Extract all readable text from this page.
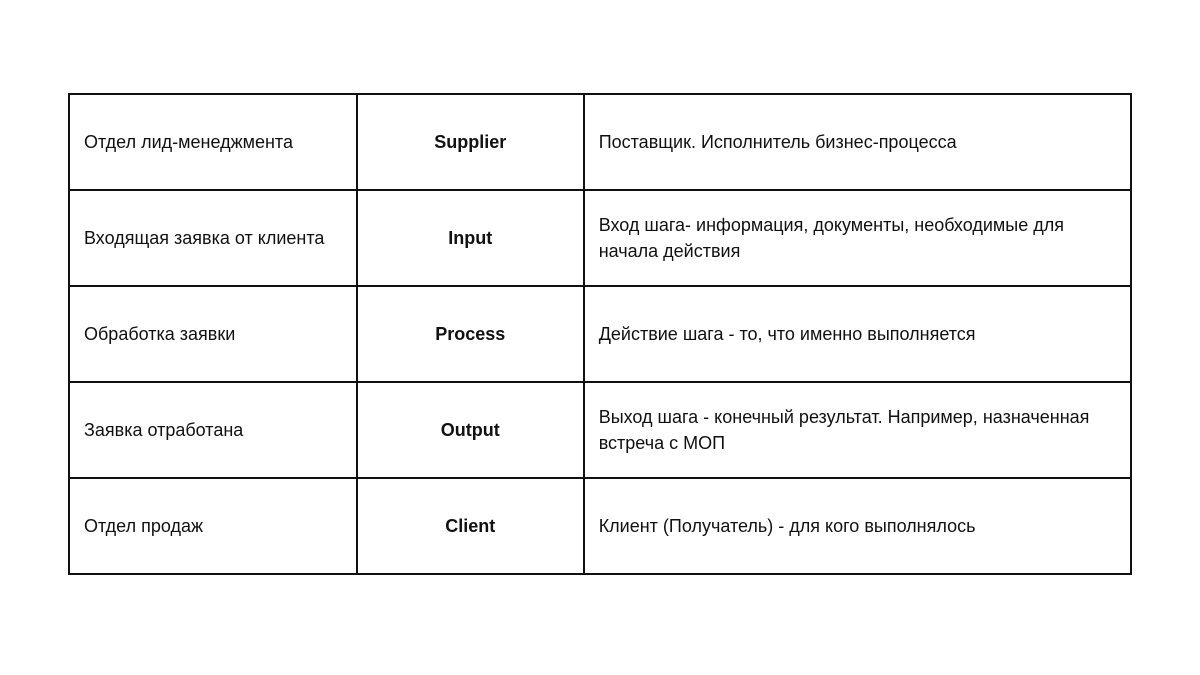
Отдел лид-менеджмента	Supplier	Поставщик. Исполнитель бизнес-процесса
Входящая заявка от клиента	Input	Вход шага- информация, документы, необходимые для начала действия
Обработка заявки	Process	Действие шага - то, что именно выполняется
Заявка отработана	Output	Выход шага - конечный результат. Например, назначенная встреча с МОП
Отдел продаж	Client	Клиент (Получатель) - для кого выполнялось
